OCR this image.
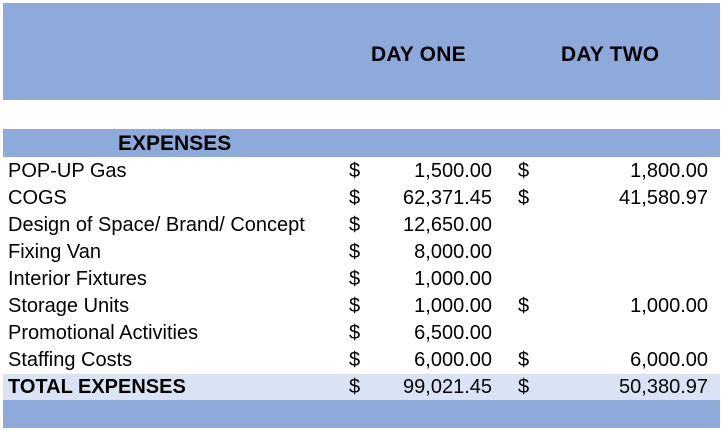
DAY ONE	DAY TWO
EXPENSES
POP-UP Gas	$	1,500.00 $	1,800.00
COGS	$ 62,371.45 $	41,580.97
Design of Space/ Brand/ Concept	$ 12,650.00
Fixing Van	$	8,000.00
Interior Fixtures	$	1,000.00
Storage Units	$	1,000.00 $	1,000.00
Promotional Activities	$	6,500.00
Staffing Costs	$	6,000.00 $	6,000.00
TOTAL EXPENSES	$ 99,021.45 $	50,380.97
